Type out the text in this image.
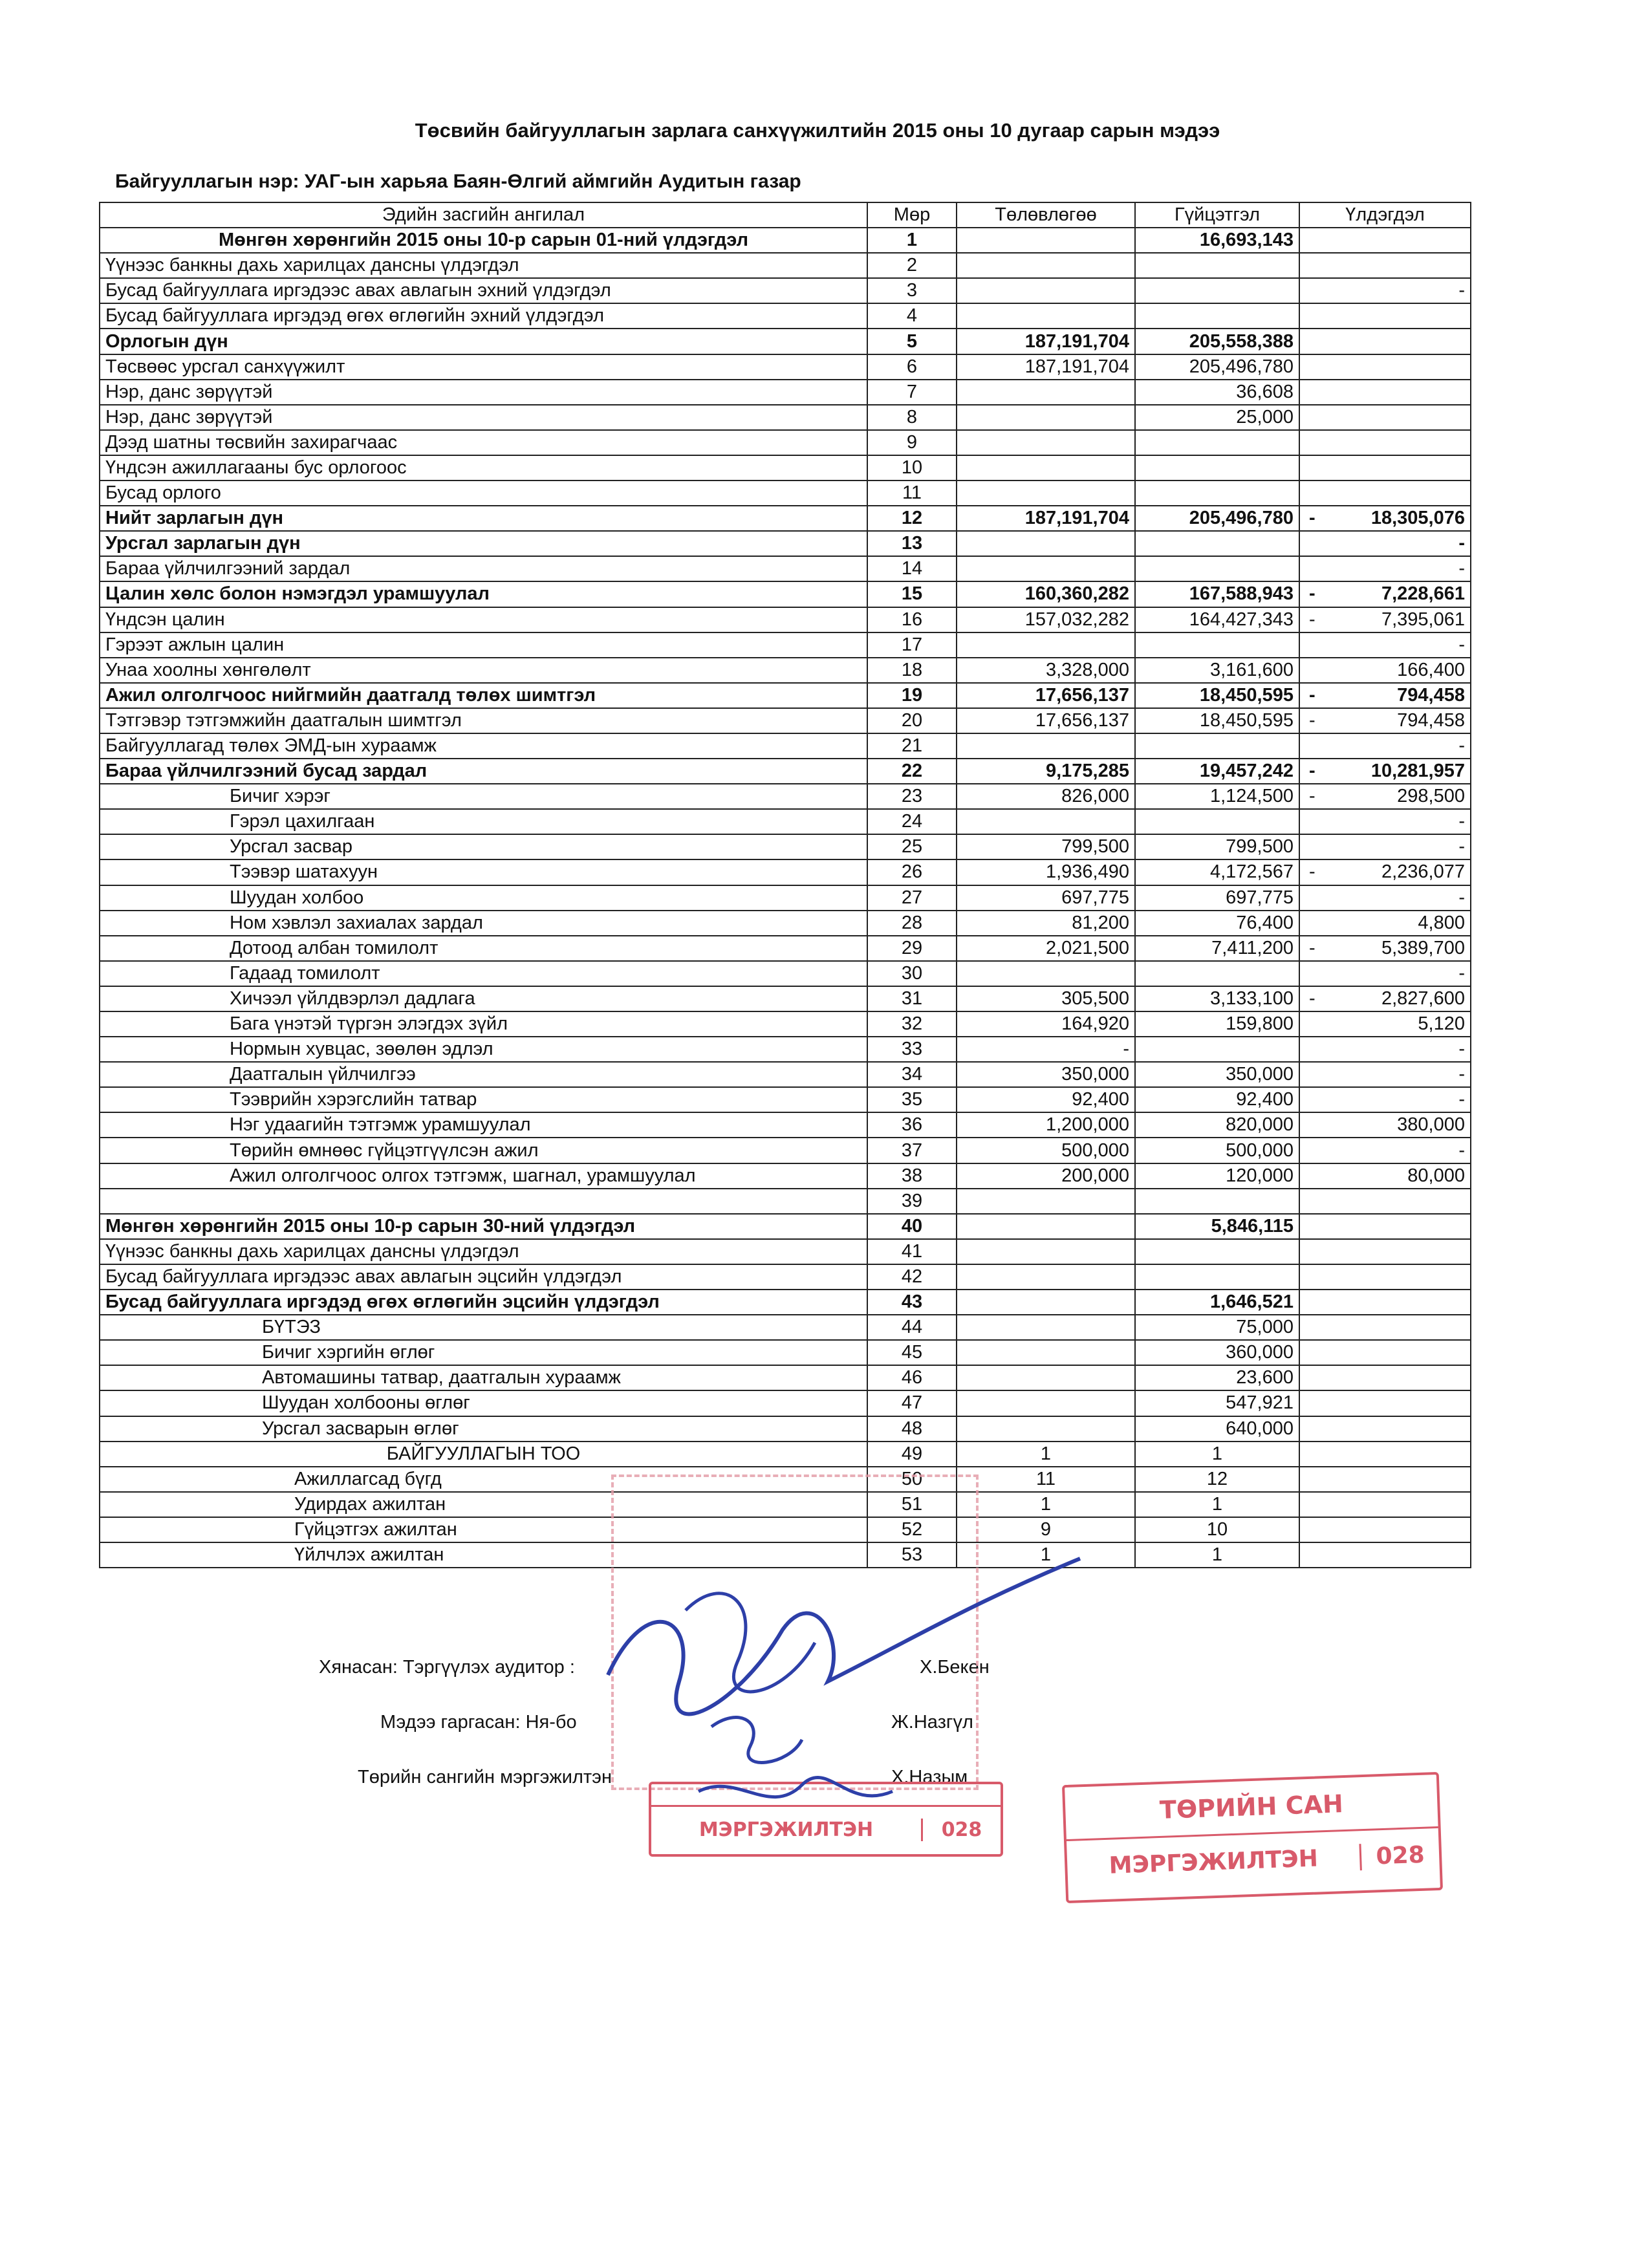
Төсвийн байгууллагын зарлага санхүүжилтийн 2015 оны 10 дугаар сарын мэдээ
Байгууллагын нэр: УАГ-ын харьяа Баян-Өлгий аймгийн Аудитын газар
Эдийн засгийн ангилал	Мөр	Төлөвлөгөө	Гүйцэтгэл	Үлдэгдэл
Мөнгөн хөрөнгийн 2015 оны 10-р сарын 01-ний үлдэгдэл	1		16,693,143	
Үүнээс банкны дахь харилцах дансны үлдэгдэл	2			
Бусад байгууллага иргэдээс авах авлагын эхний үлдэгдэл	3			-
Бусад байгууллага иргэдэд өгөх өглөгийн эхний үлдэгдэл	4			
Орлогын дүн	5	187,191,704	205,558,388	
Төсвөөс урсгал санхүүжилт	6	187,191,704	205,496,780	
Нэр, данс зөрүүтэй	7		36,608	
Нэр, данс зөрүүтэй	8		25,000	
Дээд шатны төсвийн захирагчаас	9			
Үндсэн ажиллагааны бус орлогоос	10			
Бусад орлого	11			
Нийт зарлагын дүн	12	187,191,704	205,496,780	- 18,305,076
Урсгал зарлагын дүн	13			-
Бараа үйлчилгээний зардал	14			-
Цалин хөлс болон нэмэгдэл урамшуулал	15	160,360,282	167,588,943	- 7,228,661
Үндсэн цалин	16	157,032,282	164,427,343	- 7,395,061
Гэрээт ажлын цалин	17			-
Унаа хоолны хөнгөлөлт	18	3,328,000	3,161,600	166,400
Ажил олголгчоос нийгмийн даатгалд төлөх шимтгэл	19	17,656,137	18,450,595	- 794,458
Тэтгэвэр тэтгэмжийн даатгалын шимтгэл	20	17,656,137	18,450,595	- 794,458
Байгууллагад төлөх ЭМД-ын хураамж	21			-
Бараа үйлчилгээний бусад зардал	22	9,175,285	19,457,242	- 10,281,957
Бичиг хэрэг	23	826,000	1,124,500	- 298,500
Гэрэл цахилгаан	24			-
Урсгал засвар	25	799,500	799,500	-
Тээвэр шатахуун	26	1,936,490	4,172,567	- 2,236,077
Шуудан холбоо	27	697,775	697,775	-
Ном хэвлэл захиалах зардал	28	81,200	76,400	4,800
Дотоод албан томилолт	29	2,021,500	7,411,200	- 5,389,700
Гадаад томилолт	30			-
Хичээл үйлдвэрлэл дадлага	31	305,500	3,133,100	- 2,827,600
Бага үнэтэй түргэн элэгдэх зүйл	32	164,920	159,800	5,120
Нормын хувцас, зөөлөн эдлэл	33	-		-
Даатгалын үйлчилгээ	34	350,000	350,000	-
Тээврийн хэрэгслийн татвар	35	92,400	92,400	-
Нэг удаагийн тэтгэмж урамшуулал	36	1,200,000	820,000	380,000
Төрийн өмнөөс гүйцэтгүүлсэн ажил	37	500,000	500,000	-
Ажил олголгчоос олгох тэтгэмж, шагнал, урамшуулал	38	200,000	120,000	80,000
	39			
Мөнгөн хөрөнгийн 2015 оны 10-р сарын 30-ний үлдэгдэл	40		5,846,115	
Үүнээс банкны дахь харилцах дансны үлдэгдэл	41			
Бусад байгууллага иргэдээс авах авлагын эцсийн үлдэгдэл	42			
Бусад байгууллага иргэдэд өгөх өглөгийн эцсийн үлдэгдэл	43		1,646,521	
БҮТЭЗ	44		75,000	
Бичиг хэргийн өглөг	45		360,000	
Автомашины татвар, даатгалын хураамж	46		23,600	
Шуудан холбооны өглөг	47		547,921	
Урсгал засварын өглөг	48		640,000	
БАЙГУУЛЛАГЫН ТОО	49	1	1	
Ажиллагсад бүгд	50	11	12	
Удирдах ажилтан	51	1	1	
Гүйцэтгэх ажилтан	52	9	10	
Үйлчлэх ажилтан	53	1	1	
Хянасан: Тэргүүлэх аудитор :	Х.Бекен
Мэдээ гаргасан: Ня-бо	Ж.Назгүл
Төрийн сангийн мэргэжилтэн	Х.Назым
МЭРГЭЖИЛТЭН	028
ТӨРИЙН САН
МЭРГЭЖИЛТЭН	028
